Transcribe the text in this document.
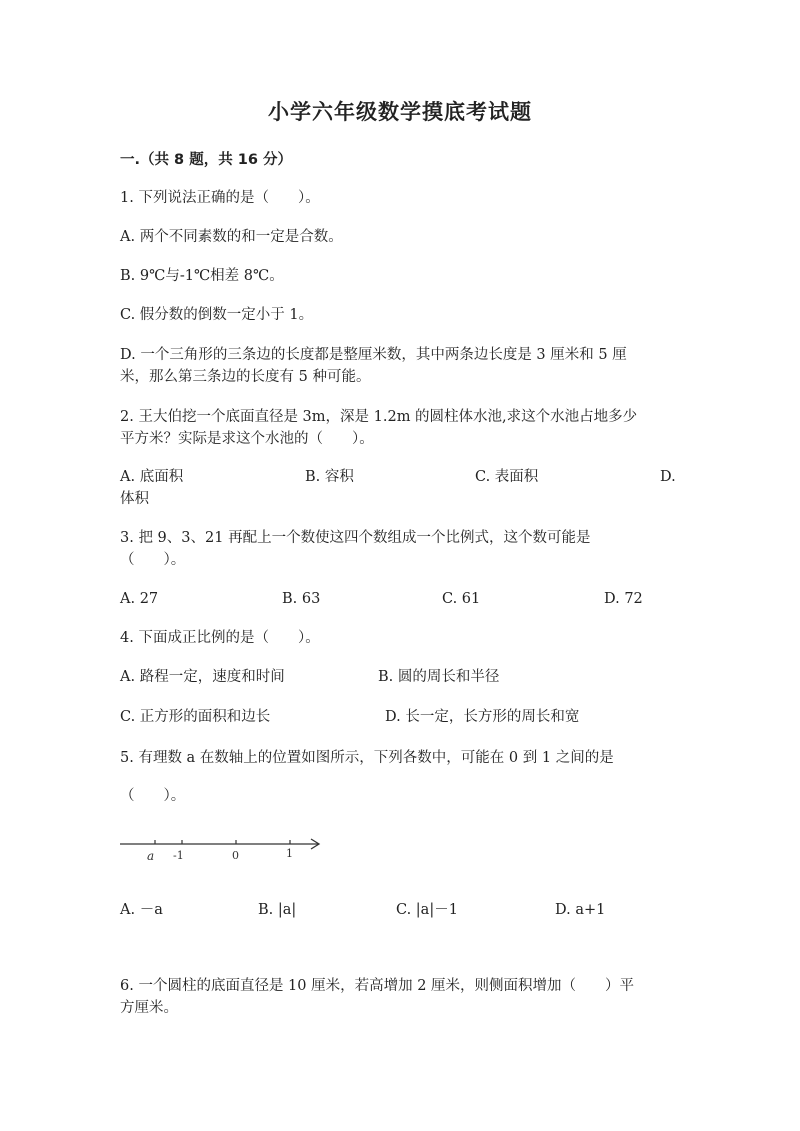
小学六年级数学摸底考试题
一.（共 8 题，共 16 分）
1. 下列说法正确的是（　　）。
A. 两个不同素数的和一定是合数。
B. 9℃与-1℃相差 8℃。
C. 假分数的倒数一定小于 1。
D. 一个三角形的三条边的长度都是整厘米数，其中两条边长度是 3 厘米和 5 厘
米，那么第三条边的长度有 5 种可能。
2. 王大伯挖一个底面直径是 3m，深是 1.2m 的圆柱体水池,求这个水池占地多少
平方米？实际是求这个水池的（　　）。
A. 底面积	B. 容积	C. 表面积	D.
体积
3. 把 9、3、21 再配上一个数使这四个数组成一个比例式，这个数可能是
（　　）。
A. 27	B. 63	C. 61	D. 72
4. 下面成正比例的是（　　）。
A. 路程一定，速度和时间	B. 圆的周长和半径
C. 正方形的面积和边长	D. 长一定，长方形的周长和宽
5. 有理数 a 在数轴上的位置如图所示，下列各数中，可能在 0 到 1 之间的是
（　　）。
a -1	0	1
A. －a	B. |a|	C. |a|－1	D. a+1
6. 一个圆柱的底面直径是 10 厘米，若高增加 2 厘米，则侧面积增加（　　）平
方厘米。
